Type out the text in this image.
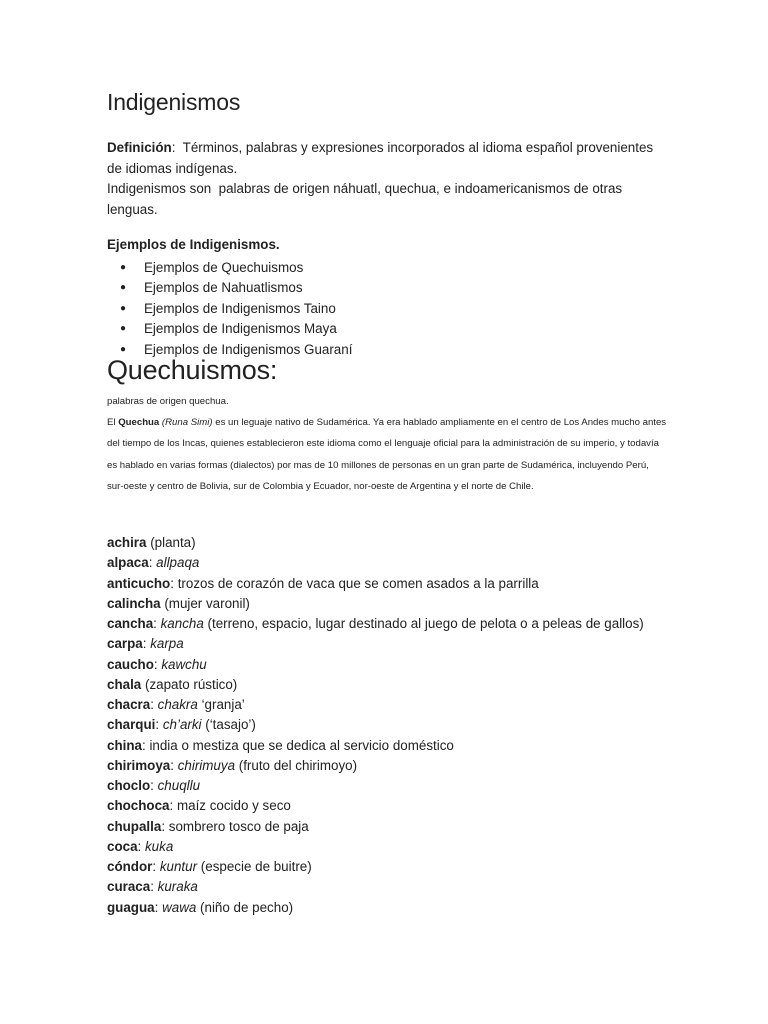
Indigenismos
Definición:  Términos, palabras y expresiones incorporados al idioma español provenientes de idiomas indígenas.
Indigenismos son  palabras de origen náhuatl, quechua, e indoamericanismos de otras lenguas.
Ejemplos de Indigenismos.
● Ejemplos de Quechuismos
● Ejemplos de Nahuatlismos
● Ejemplos de Indigenismos Taino
● Ejemplos de Indigenismos Maya
● Ejemplos de Indigenismos Guaraní
Quechuismos:
palabras de origen quechua.
El Quechua (Runa Simi) es un leguaje nativo de Sudamérica. Ya era hablado ampliamente en el centro de Los Andes mucho antes del tiempo de los Incas, quienes establecieron este idioma como el lenguaje oficial para la administración de su imperio, y todavía es hablado en varias formas (dialectos) por mas de 10 millones de personas en un gran parte de Sudamérica, incluyendo Perú, sur-oeste y centro de Bolivia, sur de Colombia y Ecuador, nor-oeste de Argentina y el norte de Chile.
achira (planta)
alpaca: allpaqa
anticucho: trozos de corazón de vaca que se comen asados a la parrilla
calincha (mujer varonil)
cancha: kancha (terreno, espacio, lugar destinado al juego de pelota o a peleas de gallos)
carpa: karpa
caucho: kawchu
chala (zapato rústico)
chacra: chakra ‘granja’
charqui: ch’arki (‘tasajo’)
china: india o mestiza que se dedica al servicio doméstico
chirimoya: chirimuya (fruto del chirimoyo)
choclo: chuqllu
chochoca: maíz cocido y seco
chupalla: sombrero tosco de paja
coca: kuka
cóndor: kuntur (especie de buitre)
curaca: kuraka
guagua: wawa (niño de pecho)
